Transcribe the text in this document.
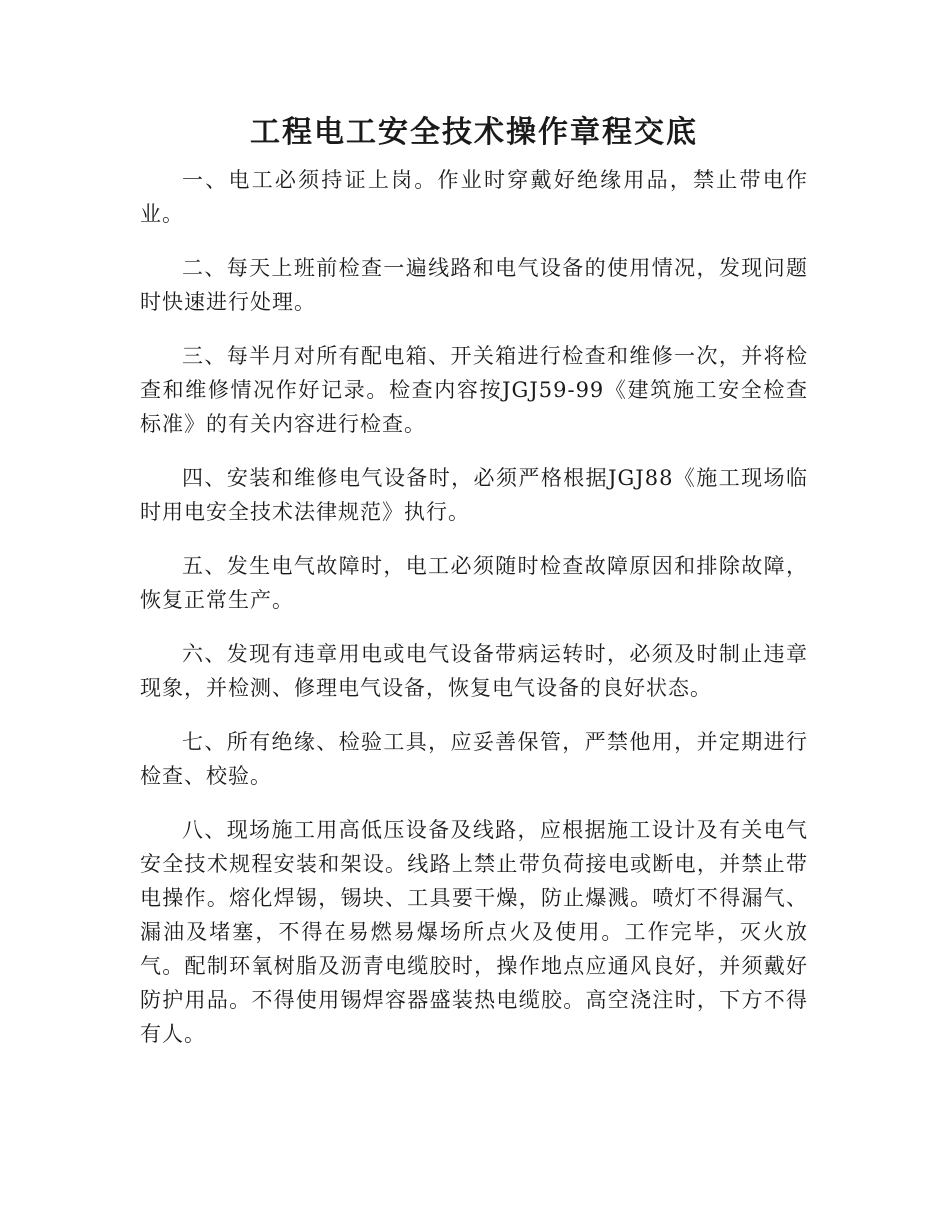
工程电工安全技术操作章程交底

一、电工必须持证上岗。作业时穿戴好绝缘用品，禁止带电作业。

二、每天上班前检查一遍线路和电气设备的使用情况，发现问题时快速进行处理。

三、每半月对所有配电箱、开关箱进行检查和维修一次，并将检查和维修情况作好记录。检查内容按JGJ59-99《建筑施工安全检查标准》的有关内容进行检查。

四、安装和维修电气设备时，必须严格根据JGJ88《施工现场临时用电安全技术法律规范》执行。

五、发生电气故障时，电工必须随时检查故障原因和排除故障，恢复正常生产。

六、发现有违章用电或电气设备带病运转时，必须及时制止违章现象，并检测、修理电气设备，恢复电气设备的良好状态。

七、所有绝缘、检验工具，应妥善保管，严禁他用，并定期进行检查、校验。

八、现场施工用高低压设备及线路，应根据施工设计及有关电气安全技术规程安装和架设。线路上禁止带负荷接电或断电，并禁止带电操作。熔化焊锡，锡块、工具要干燥，防止爆溅。喷灯不得漏气、漏油及堵塞，不得在易燃易爆场所点火及使用。工作完毕，灭火放气。配制环氧树脂及沥青电缆胶时，操作地点应通风良好，并须戴好防护用品。不得使用锡焊容器盛装热电缆胶。高空浇注时，下方不得有人。
